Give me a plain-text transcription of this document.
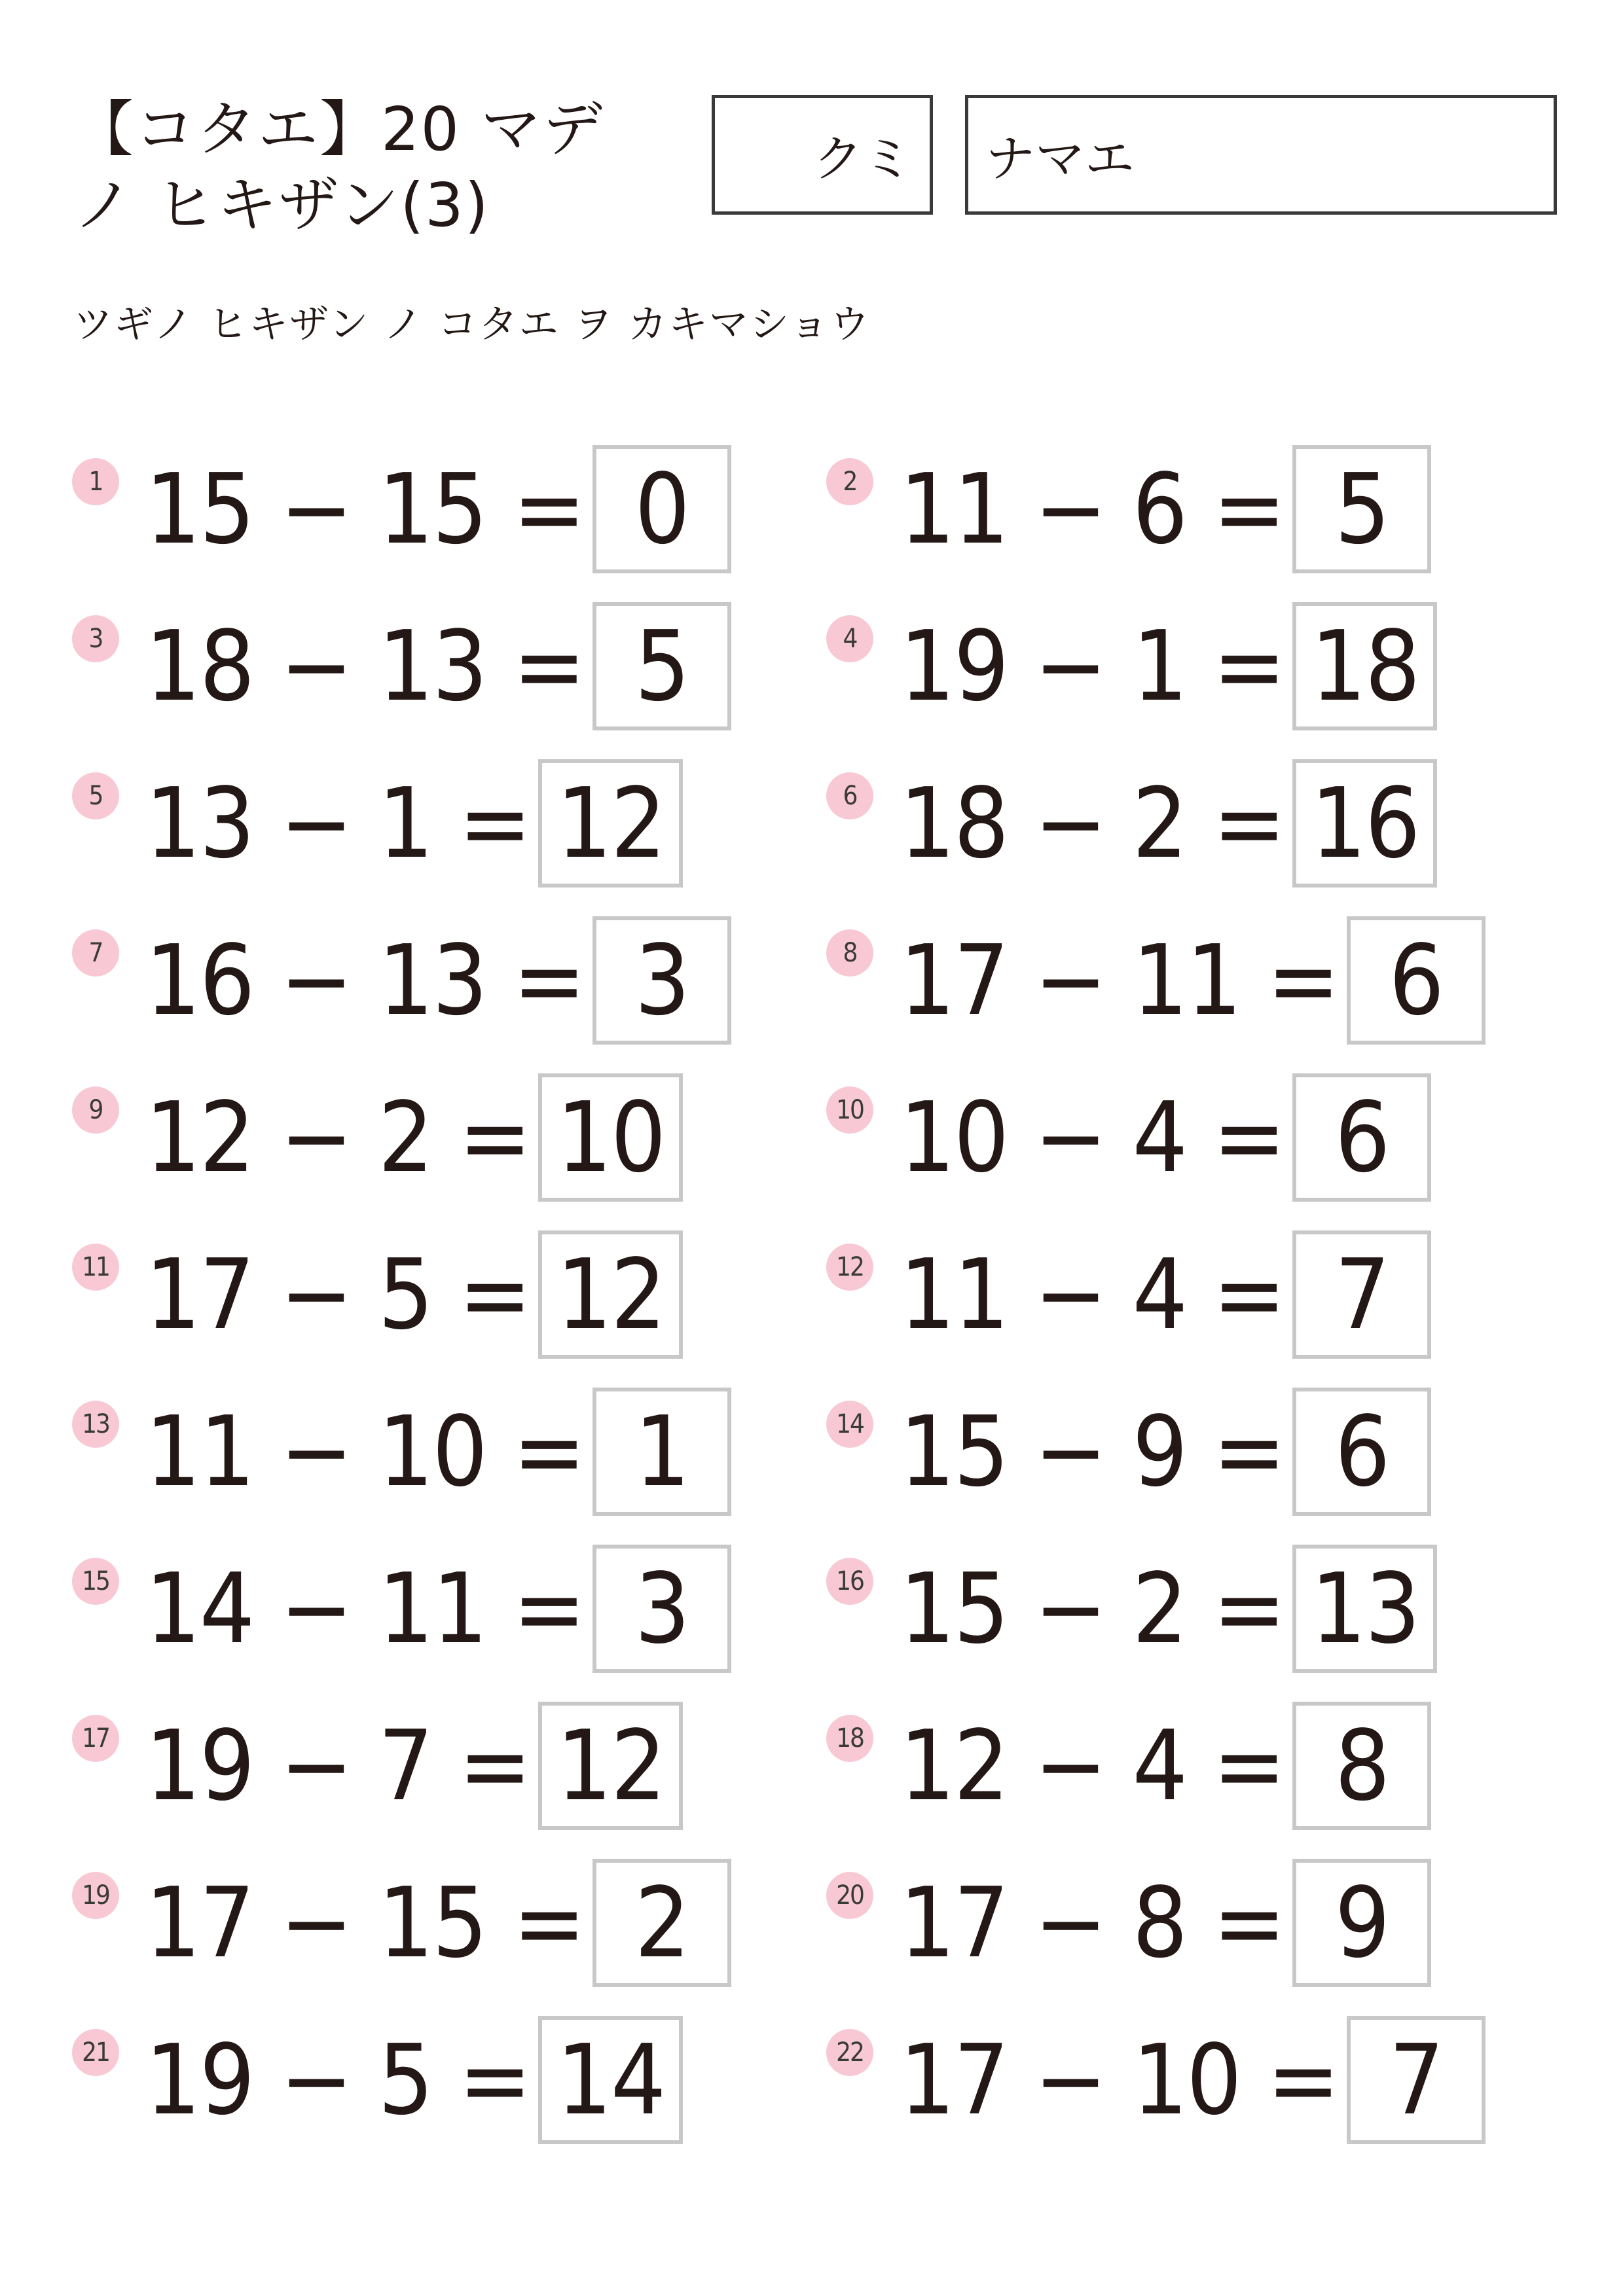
【コタエ】20 マデ
ノ ヒキザン(3)
クミ ナマエ
ツギノ ヒキザン ノ コタエ ヲ カキマショウ
1 15 − 15 = 0	2 11 − 6 = 5
3 18 − 13 = 5	4 19 − 1 = 18
5 13 − 1 = 12	6 18 − 2 = 16
7 16 − 13 = 3	8 17 − 11 = 6
9 12 − 2 = 10	10 10 − 4 = 6
11 17 − 5 = 12	12 11 − 4 = 7
13 11 − 10 = 1	14 15 − 9 = 6
15 14 − 11 = 3	16 15 − 2 = 13
17 19 − 7 = 12	18 12 − 4 = 8
19 17 − 15 = 2	20 17 − 8 = 9
21 19 − 5 = 14	22 17 − 10 = 7
